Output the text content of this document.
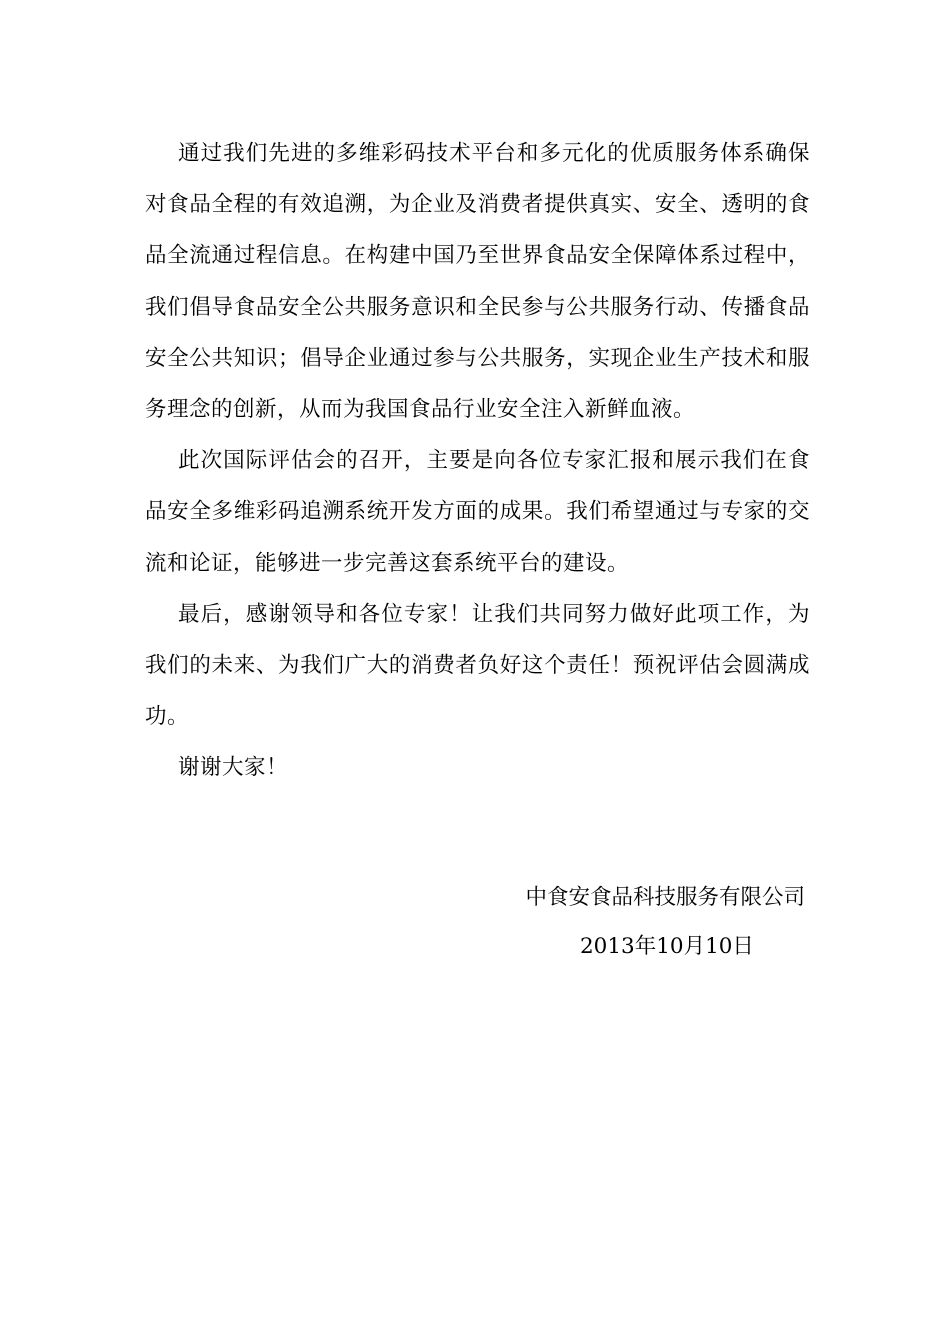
通过我们先进的多维彩码技术平台和多元化的优质服务体系确保对食品全程的有效追溯，为企业及消费者提供真实、安全、透明的食品全流通过程信息。在构建中国乃至世界食品安全保障体系过程中，我们倡导食品安全公共服务意识和全民参与公共服务行动、传播食品安全公共知识；倡导企业通过参与公共服务，实现企业生产技术和服务理念的创新，从而为我国食品行业安全注入新鲜血液。

此次国际评估会的召开，主要是向各位专家汇报和展示我们在食品安全多维彩码追溯系统开发方面的成果。我们希望通过与专家的交流和论证，能够进一步完善这套系统平台的建设。

最后，感谢领导和各位专家！让我们共同努力做好此项工作，为我们的未来、为我们广大的消费者负好这个责任！预祝评估会圆满成功。

谢谢大家！

中食安食品科技服务有限公司
2013年10月10日
